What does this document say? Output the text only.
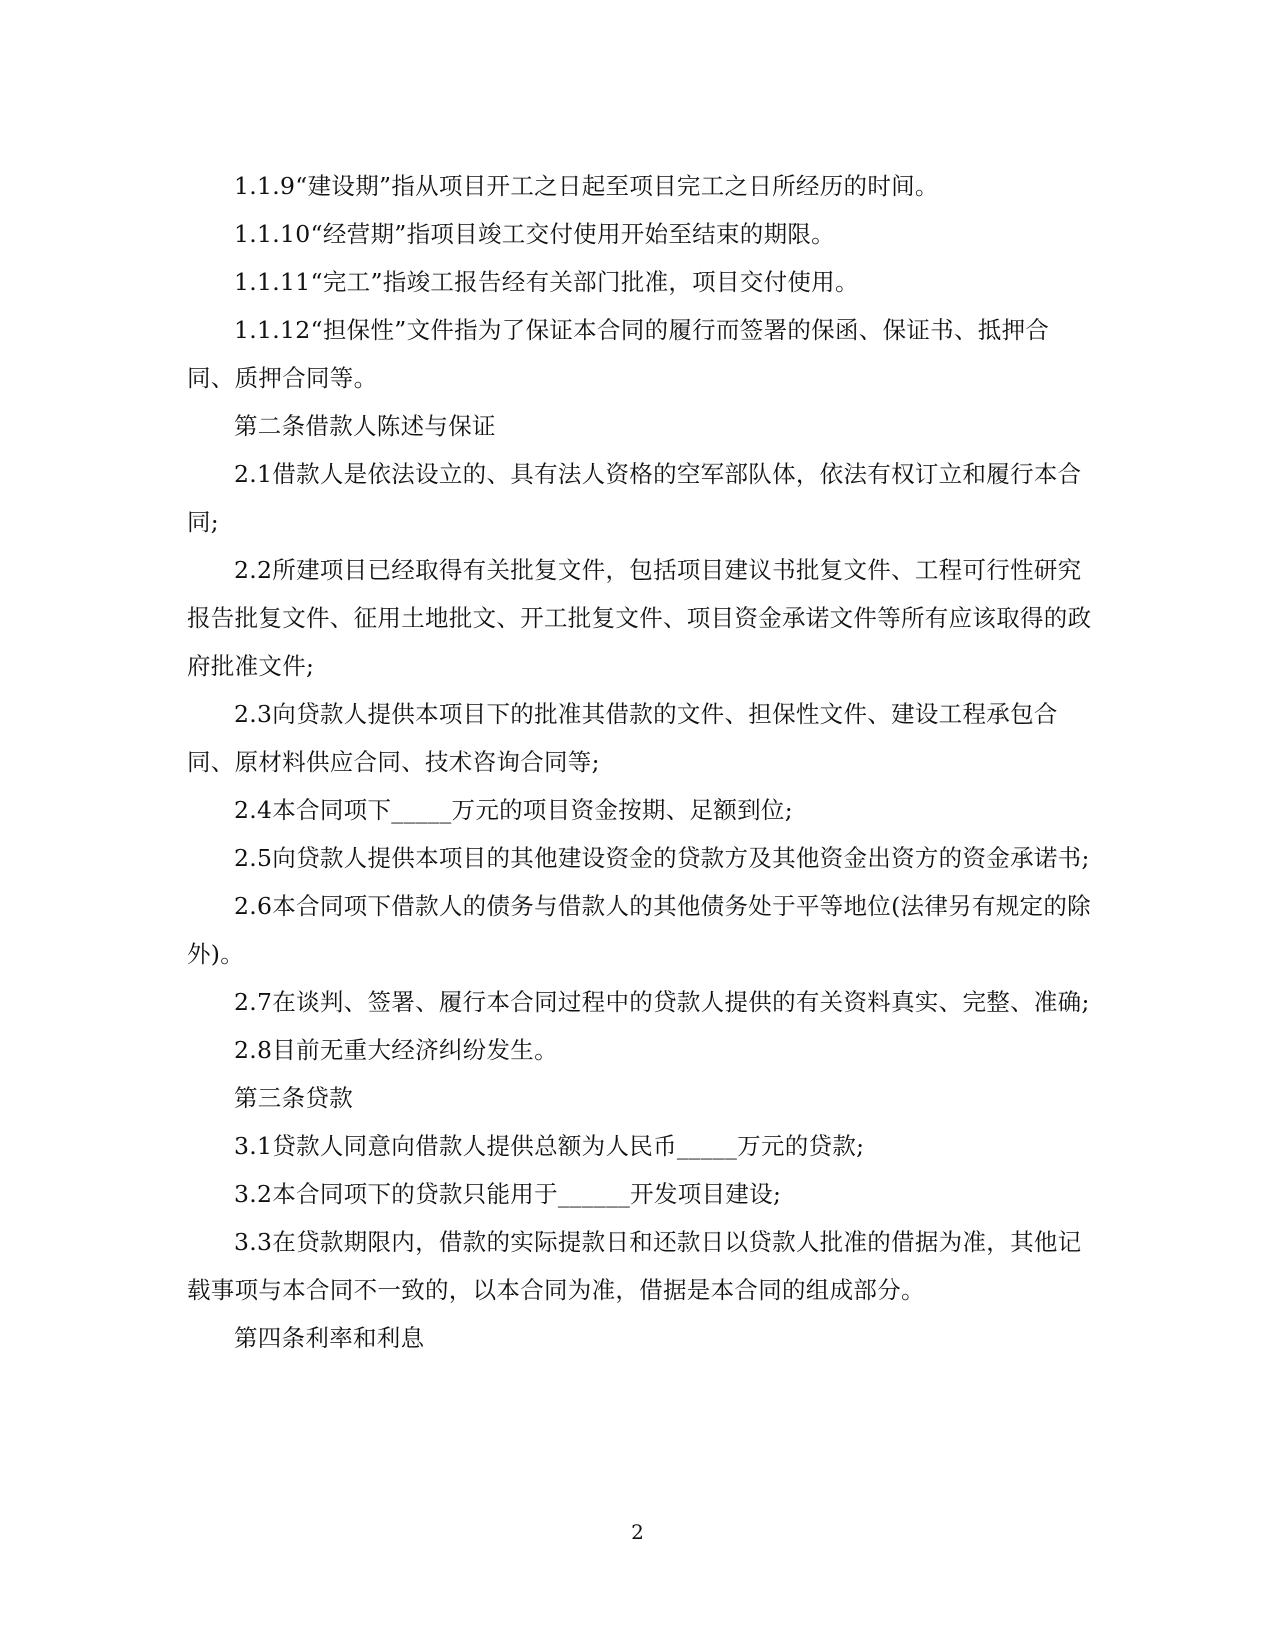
1.1.9“建设期”指从项目开工之日起至项目完工之日所经历的时间。

1.1.10“经营期”指项目竣工交付使用开始至结束的期限。

1.1.11“完工”指竣工报告经有关部门批准，项目交付使用。

1.1.12“担保性”文件指为了保证本合同的履行而签署的保函、保证书、抵押合同、质押合同等。

第二条借款人陈述与保证

2.1借款人是依法设立的、具有法人资格的空军部队体，依法有权订立和履行本合同;

2.2所建项目已经取得有关批复文件，包括项目建议书批复文件、工程可行性研究报告批复文件、征用土地批文、开工批复文件、项目资金承诺文件等所有应该取得的政府批准文件;

2.3向贷款人提供本项目下的批准其借款的文件、担保性文件、建设工程承包合同、原材料供应合同、技术咨询合同等;

2.4本合同项下_____万元的项目资金按期、足额到位;

2.5向贷款人提供本项目的其他建设资金的贷款方及其他资金出资方的资金承诺书;

2.6本合同项下借款人的债务与借款人的其他债务处于平等地位(法律另有规定的除外)。

2.7在谈判、签署、履行本合同过程中的贷款人提供的有关资料真实、完整、准确;

2.8目前无重大经济纠纷发生。

第三条贷款

3.1贷款人同意向借款人提供总额为人民币_____万元的贷款;

3.2本合同项下的贷款只能用于______开发项目建设;

3.3在贷款期限内，借款的实际提款日和还款日以贷款人批准的借据为准，其他记载事项与本合同不一致的，以本合同为准，借据是本合同的组成部分。

第四条利率和利息

2
